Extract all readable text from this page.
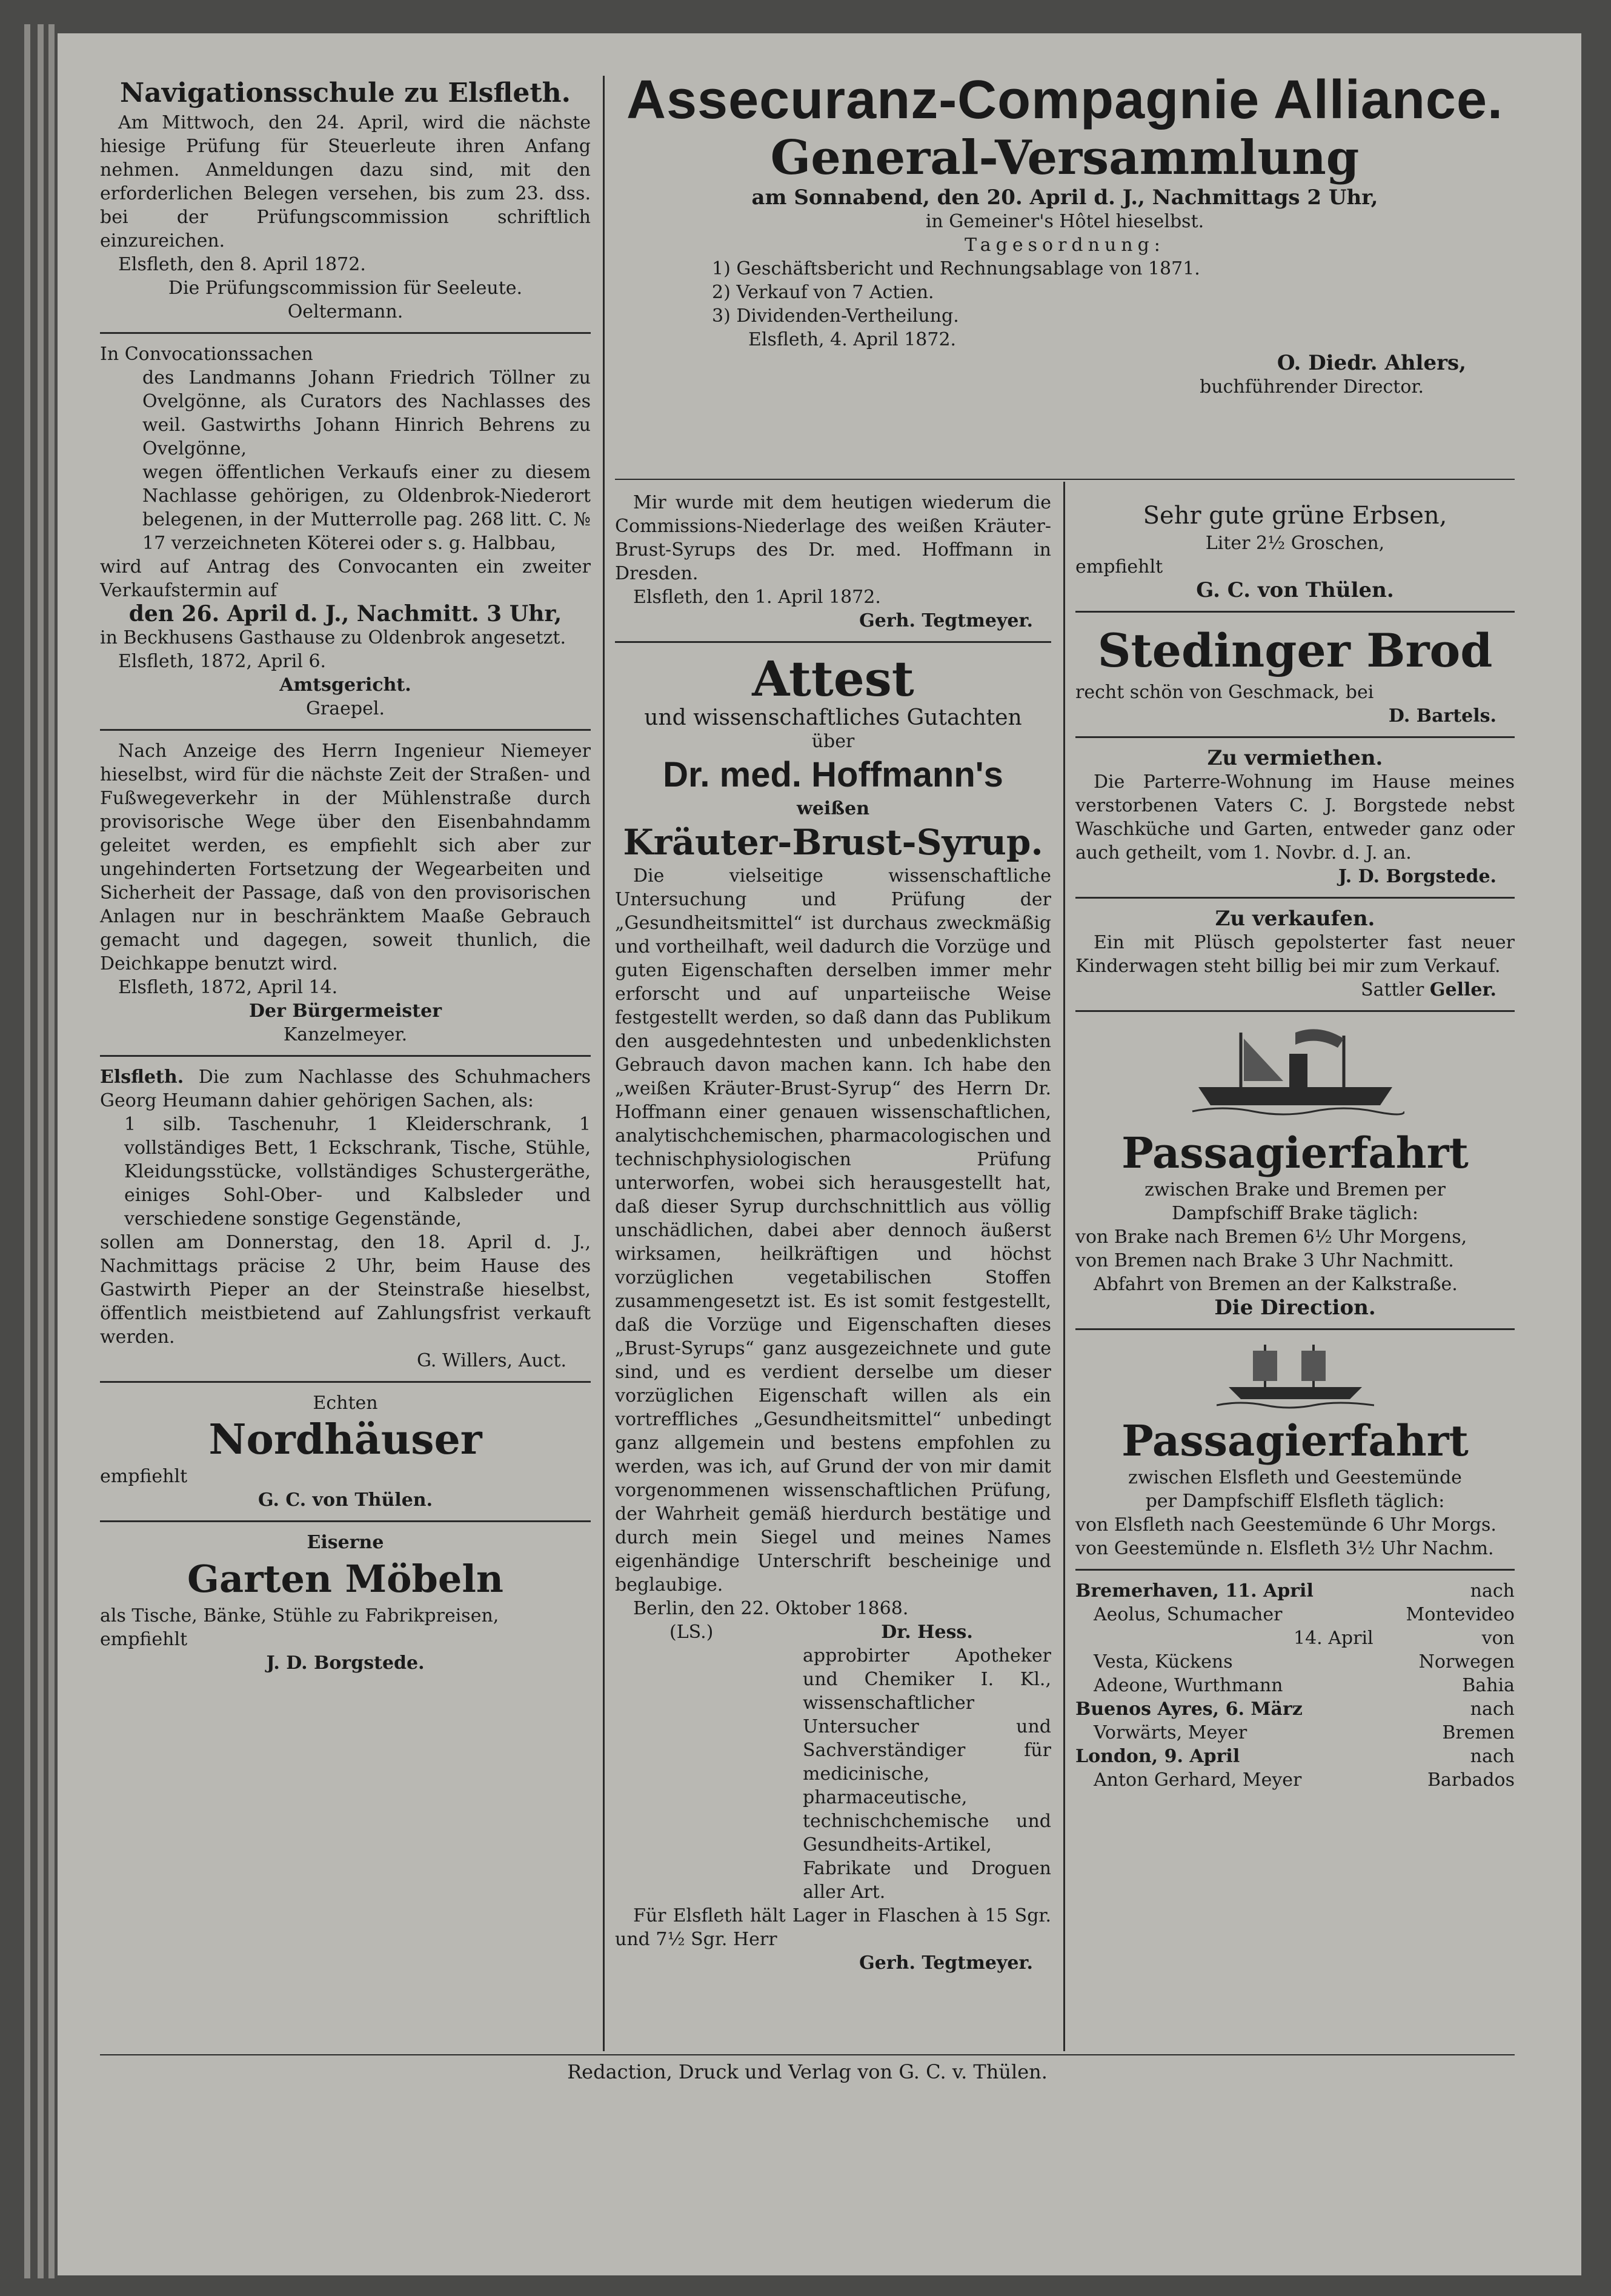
Navigationsschule zu Elsfleth.

Am Mittwoch, den 24. April, wird die nächste hiesige Prüfung für Steuerleute ihren Anfang nehmen. Anmeldungen dazu sind, mit den erforderlichen Belegen versehen, bis zum 23. dss. bei der Prüfungscommission schriftlich einzureichen.

Elsfleth, den 8. April 1872.

Die Prüfungscommission für Seeleute.

Oeltermann.

In Convocationssachen

des Landmanns Johann Friedrich Töllner zu Ovelgönne, als Curators des Nachlasses des weil. Gastwirths Johann Hinrich Behrens zu Ovelgönne,

wegen öffentlichen Verkaufs einer zu diesem Nachlasse gehörigen, zu Oldenbrok-Niederort belegenen, in der Mutterrolle pag. 268 litt. C. № 17 verzeichneten Köterei oder s. g. Halbbau,

wird auf Antrag des Convocanten ein zweiter Verkaufstermin auf

den 26. April d. J., Nachmitt. 3 Uhr,

in Beckhusens Gasthause zu Oldenbrok angesetzt.

Elsfleth, 1872, April 6.

Amtsgericht.

Graepel.

Nach Anzeige des Herrn Ingenieur Niemeyer hieselbst, wird für die nächste Zeit der Straßen- und Fußwegeverkehr in der Mühlenstraße durch provisorische Wege über den Eisenbahndamm geleitet werden, es empfiehlt sich aber zur ungehinderten Fortsetzung der Wegearbeiten und Sicherheit der Passage, daß von den provisorischen Anlagen nur in beschränktem Maaße Gebrauch gemacht und dagegen, soweit thunlich, die Deichkappe benutzt wird.

Elsfleth, 1872, April 14.

Der Bürgermeister

Kanzelmeyer.

Elsfleth. Die zum Nachlasse des Schuhmachers Georg Heumann dahier gehörigen Sachen, als:

1 silb. Taschenuhr, 1 Kleiderschrank, 1 vollständiges Bett, 1 Eckschrank, Tische, Stühle, Kleidungsstücke, vollständiges Schustergeräthe, einiges Sohl-Ober- und Kalbsleder und verschiedene sonstige Gegenstände,

sollen am Donnerstag, den 18. April d. J., Nachmittags präcise 2 Uhr, beim Hause des Gastwirth Pieper an der Steinstraße hieselbst, öffentlich meistbietend auf Zahlungsfrist verkauft werden.

G. Willers, Auct.

Echten

Nordhäuser

empfiehlt

G. C. von Thülen.

Eiserne

Garten Möbeln

als Tische, Bänke, Stühle zu Fabrikpreisen,

empfiehlt

J. D. Borgstede.

Assecuranz-Compagnie Alliance.

General-Versammlung

am Sonnabend, den 20. April d. J., Nachmittags 2 Uhr,

in Gemeiner's Hôtel hieselbst.

Tagesordnung:

1) Geschäftsbericht und Rechnungsablage von 1871.

2) Verkauf von 7 Actien.

3) Dividenden-Vertheilung.

Elsfleth, 4. April 1872.

O. Diedr. Ahlers,

buchführender Director.

Mir wurde mit dem heutigen wiederum die Commissions-Niederlage des weißen Kräuter-Brust-Syrups des Dr. med. Hoffmann in Dresden.

Elsfleth, den 1. April 1872.

Gerh. Tegtmeyer.

Attest

und wissenschaftliches Gutachten

über

Dr. med. Hoffmann's

weißen

Kräuter-Brust-Syrup.

Die vielseitige wissenschaftliche Untersuchung und Prüfung der „Gesundheitsmittel“ ist durchaus zweckmäßig und vortheilhaft, weil dadurch die Vorzüge und guten Eigenschaften derselben immer mehr erforscht und auf unparteiische Weise festgestellt werden, so daß dann das Publikum den ausgedehntesten und unbedenklichsten Gebrauch davon machen kann. Ich habe den „weißen Kräuter-Brust-Syrup“ des Herrn Dr. Hoffmann einer genauen wissenschaftlichen, analytischchemischen, pharmacologischen und technischphysiologischen Prüfung unterworfen, wobei sich herausgestellt hat, daß dieser Syrup durchschnittlich aus völlig unschädlichen, dabei aber dennoch äußerst wirksamen, heilkräftigen und höchst vorzüglichen vegetabilischen Stoffen zusammengesetzt ist. Es ist somit festgestellt, daß die Vorzüge und Eigenschaften dieses „Brust-Syrups“ ganz ausgezeichnete und gute sind, und es verdient derselbe um dieser vorzüglichen Eigenschaft willen als ein vortreffliches „Gesundheitsmittel“ unbedingt ganz allgemein und bestens empfohlen zu werden, was ich, auf Grund der von mir damit vorgenommenen wissenschaftlichen Prüfung, der Wahrheit gemäß hierdurch bestätige und durch mein Siegel und meines Names eigenhändige Unterschrift bescheinige und beglaubige.

Berlin, den 22. Oktober 1868.

(LS.)	Dr. Hess.

approbirter Apotheker und Chemiker I. Kl., wissenschaftlicher Untersucher und Sachverständiger für medicinische, pharmaceutische, technischchemische und Gesundheits-Artikel, Fabrikate und Droguen aller Art.

Für Elsfleth hält Lager in Flaschen à 15 Sgr. und 7½ Sgr. Herr

Gerh. Tegtmeyer.

Sehr gute grüne Erbsen,

Liter 2½ Groschen,

empfiehlt

G. C. von Thülen.

Stedinger Brod

recht schön von Geschmack, bei

D. Bartels.

Zu vermiethen.

Die Parterre-Wohnung im Hause meines verstorbenen Vaters C. J. Borgstede nebst Waschküche und Garten, entweder ganz oder auch getheilt, vom 1. Novbr. d. J. an.

J. D. Borgstede.

Zu verkaufen.

Ein mit Plüsch gepolsterter fast neuer Kinderwagen steht billig bei mir zum Verkauf.

Sattler Geller.

Passagierfahrt

zwischen Brake und Bremen per

Dampfschiff Brake täglich:

von Brake nach Bremen 6½ Uhr Morgens,

von Bremen nach Brake 3 Uhr Nachmitt.

Abfahrt von Bremen an der Kalkstraße.

Die Direction.

Passagierfahrt

zwischen Elsfleth und Geestemünde

per Dampfschiff Elsfleth täglich:

von Elsfleth nach Geestemünde 6 Uhr Morgs.

von Geestemünde n. Elsfleth 3½ Uhr Nachm.

Bremerhaven, 11. April	nach
Aeolus, Schumacher	Montevideo
14. April	von
Vesta, Kückens	Norwegen
Adeone, Wurthmann	Bahia
Buenos Ayres, 6. März	nach
Vorwärts, Meyer	Bremen
London, 9. April	nach
Anton Gerhard, Meyer	Barbados

Redaction, Druck und Verlag von G. C. v. Thülen.
